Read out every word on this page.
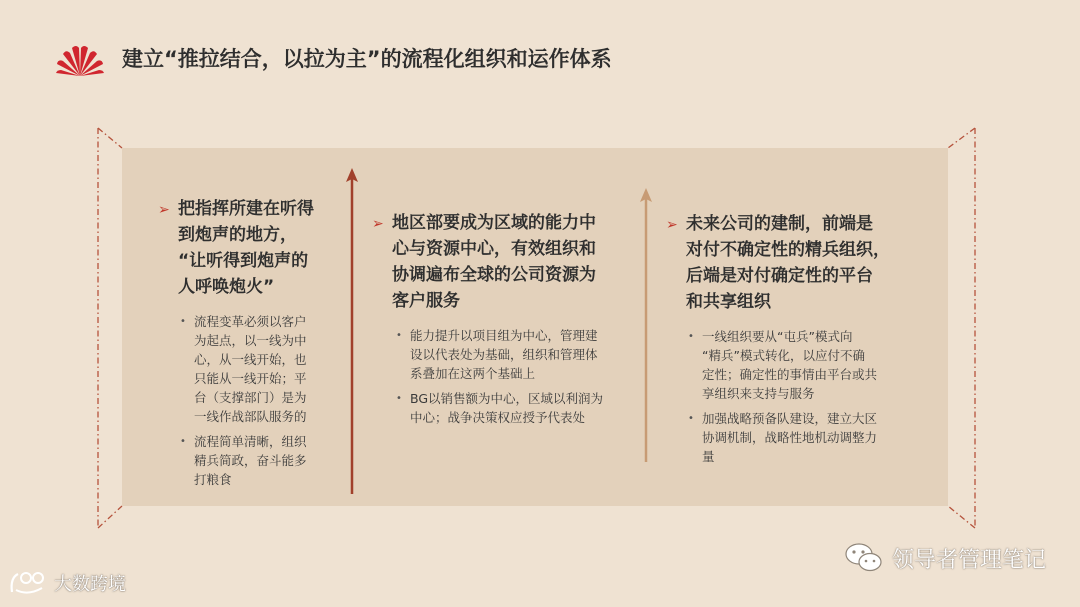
建立“推拉结合，以拉为主”的流程化组织和运作体系
➢ 把指挥所建在听得
到炮声的地方，
“让听得到炮声的
人呼唤炮火”
• 流程变革必须以客户
为起点，以一线为中
心，从一线开始，也
只能从一线开始；平
台（支撑部门）是为
一线作战部队服务的
• 流程简单清晰，组织
精兵简政，奋斗能多
打粮食
➢ 地区部要成为区域的能力中
心与资源中心，有效组织和
协调遍布全球的公司资源为
客户服务
• 能力提升以项目组为中心，管理建
设以代表处为基础，组织和管理体
系叠加在这两个基础上
• BG以销售额为中心，区域以利润为
中心；战争决策权应授予代表处
➢ 未来公司的建制，前端是
对付不确定性的精兵组织，
后端是对付确定性的平台
和共享组织
• 一线组织要从“屯兵”模式向
“精兵”模式转化，以应付不确
定性；确定性的事情由平台或共
享组织来支持与服务
• 加强战略预备队建设，建立大区
协调机制，战略性地机动调整力
量
领导者管理笔记
大数跨境
